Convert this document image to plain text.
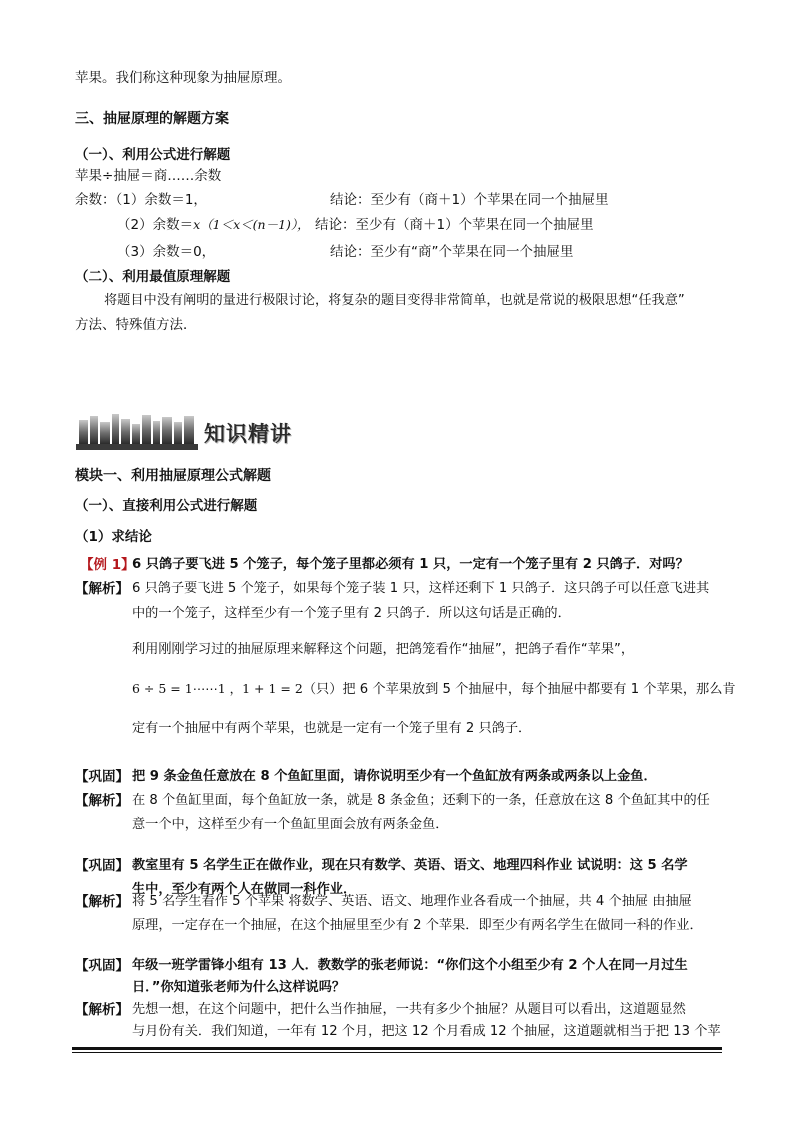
苹果。我们称这种现象为抽屉原理。
三、抽屉原理的解题方案
（一）、利用公式进行解题
苹果÷抽屉＝商……余数
余数：（1）余数＝1，	结论：至少有（商＋1）个苹果在同一个抽屉里
（2）余数＝x（1＜x＜(n－1)）， 结论：至少有（商＋1）个苹果在同一个抽屉里
（3）余数＝0，	结论：至少有“商”个苹果在同一个抽屉里
（二）、利用最值原理解题
将题目中没有阐明的量进行极限讨论，将复杂的题目变得非常简单，也就是常说的极限思想“任我意”
方法、特殊值方法．
知识精讲
模块一、利用抽屉原理公式解题
（一）、直接利用公式进行解题
（1）求结论
【例 1】
6 只鸽子要飞进 5 个笼子，每个笼子里都必须有 1 只，一定有一个笼子里有 2 只鸽子．对吗？
【解析】 6 只鸽子要飞进 5 个笼子，如果每个笼子装 1 只，这样还剩下 1 只鸽子．这只鸽子可以任意飞进其
中的一个笼子，这样至少有一个笼子里有 2 只鸽子．所以这句话是正确的．
利用刚刚学习过的抽屉原理来解释这个问题，把鸽笼看作“抽屉”，把鸽子看作“苹果”，
6 ÷ 5 = 1⋯⋯1 ，1 + 1 = 2（只）把 6 个苹果放到 5 个抽屉中，每个抽屉中都要有 1 个苹果，那么肯
定有一个抽屉中有两个苹果，也就是一定有一个笼子里有 2 只鸽子．
【巩固】 把 9 条金鱼任意放在 8 个鱼缸里面，请你说明至少有一个鱼缸放有两条或两条以上金鱼．
【解析】 在 8 个鱼缸里面，每个鱼缸放一条，就是 8 条金鱼；还剩下的一条，任意放在这 8 个鱼缸其中的任
意一个中，这样至少有一个鱼缸里面会放有两条金鱼．
【巩固】 教室里有 5 名学生正在做作业，现在只有数学、英语、语文、地理四科作业 试说明：这 5 名学
生中，至少有两个人在做同一科作业．
【解析】 将 5 名学生看作 5 个苹果 将数学、英语、语文、地理作业各看成一个抽屉，共 4 个抽屉 由抽屉
原理，一定存在一个抽屉，在这个抽屉里至少有 2 个苹果．即至少有两名学生在做同一科的作业．
【巩固】 年级一班学雷锋小组有 13 人．教数学的张老师说：“你们这个小组至少有 2 个人在同一月过生
日．”你知道张老师为什么这样说吗？
【解析】 先想一想，在这个问题中，把什么当作抽屉，一共有多少个抽屉？从题目可以看出，这道题显然
与月份有关．我们知道，一年有 12 个月，把这 12 个月看成 12 个抽屉，这道题就相当于把 13 个苹
